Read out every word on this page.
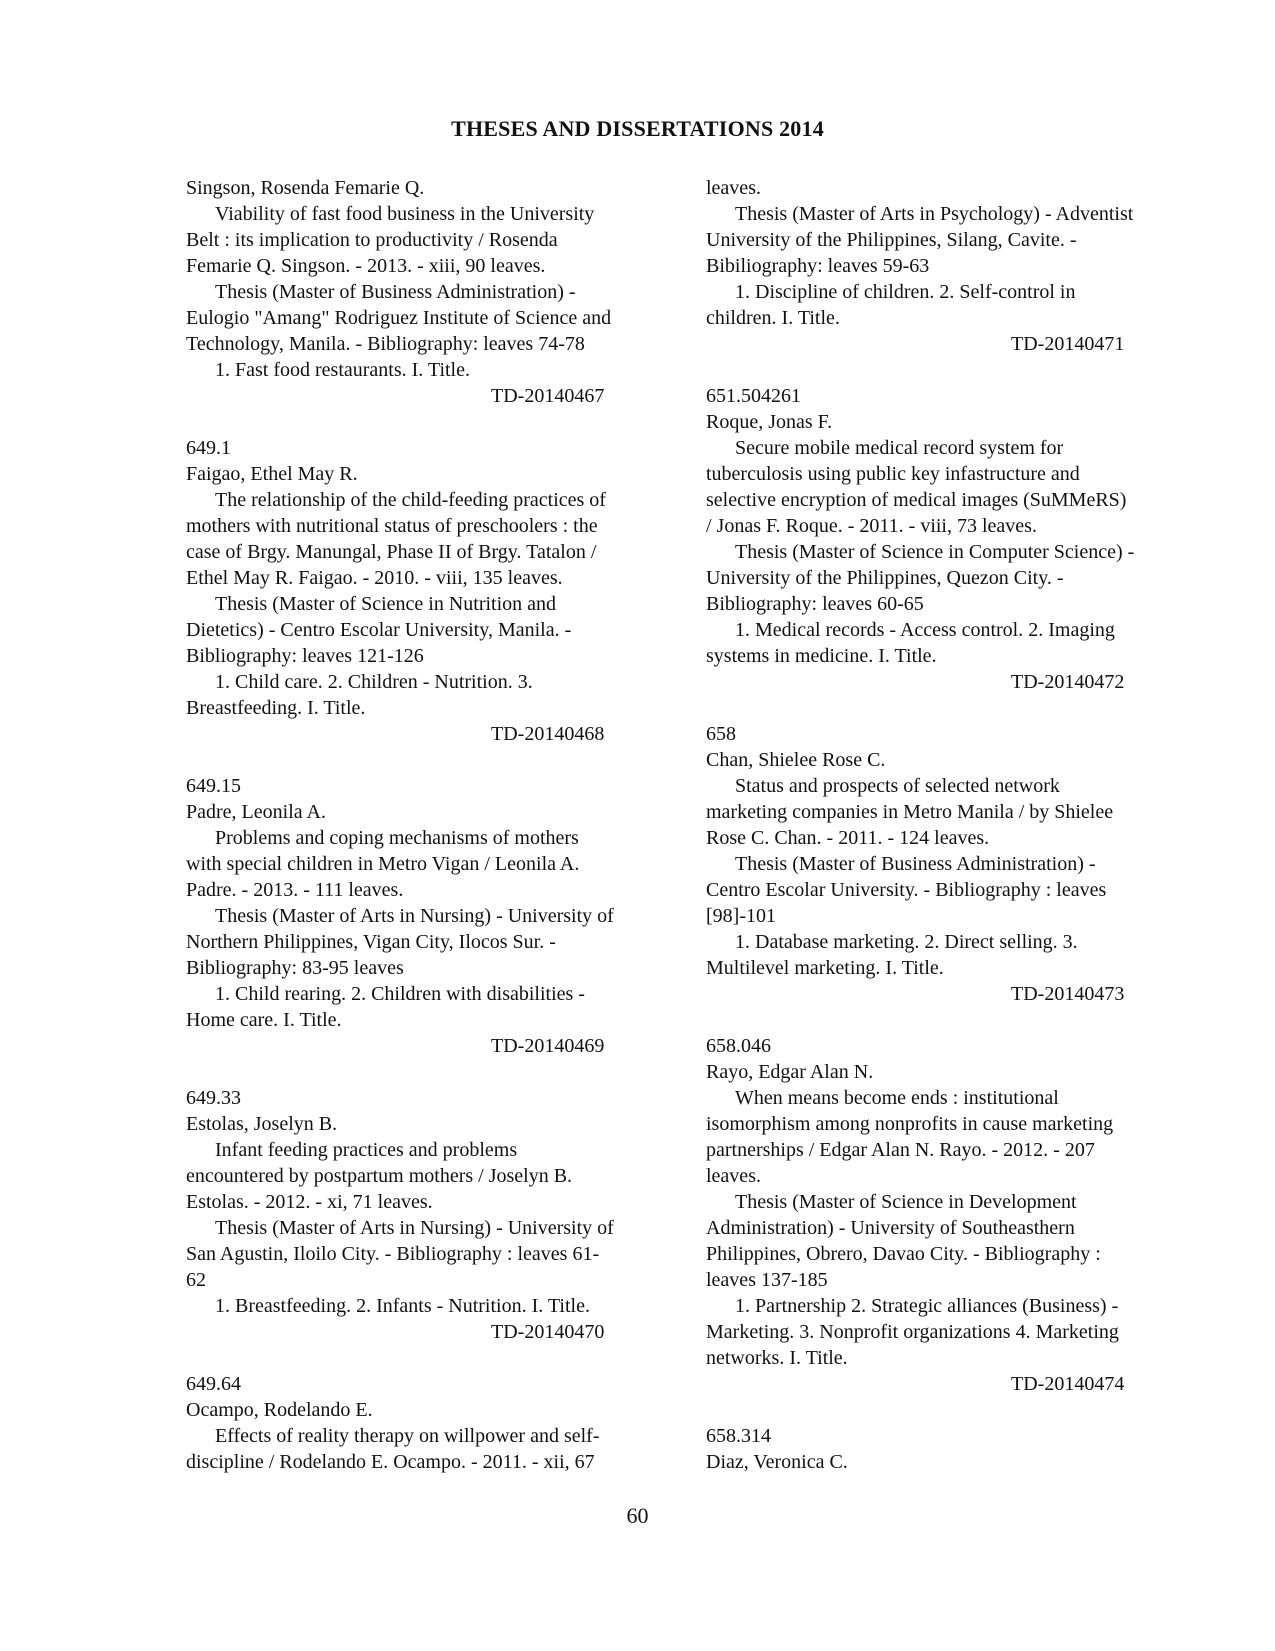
THESES AND DISSERTATIONS 2014
Singson, Rosenda Femarie Q.
Viability of fast food business in the University
Belt : its implication to productivity / Rosenda
Femarie Q. Singson. - 2013. - xiii, 90 leaves.
Thesis (Master of Business Administration) -
Eulogio "Amang" Rodriguez Institute of Science and
Technology, Manila. - Bibliography: leaves 74-78
1. Fast food restaurants. I. Title.
TD-20140467
649.1
Faigao, Ethel May R.
The relationship of the child-feeding practices of
mothers with nutritional status of preschoolers : the
case of Brgy. Manungal, Phase II of Brgy. Tatalon /
Ethel May R. Faigao. - 2010. - viii, 135 leaves.
Thesis (Master of Science in Nutrition and
Dietetics) - Centro Escolar University, Manila. -
Bibliography: leaves 121-126
1. Child care. 2. Children - Nutrition. 3.
Breastfeeding. I. Title.
TD-20140468
649.15
Padre, Leonila A.
Problems and coping mechanisms of mothers
with special children in Metro Vigan / Leonila A.
Padre. - 2013. - 111 leaves.
Thesis (Master of Arts in Nursing) - University of
Northern Philippines, Vigan City, Ilocos Sur. -
Bibliography: 83-95 leaves
1. Child rearing. 2. Children with disabilities -
Home care. I. Title.
TD-20140469
649.33
Estolas, Joselyn B.
Infant feeding practices and problems
encountered by postpartum mothers / Joselyn B.
Estolas. - 2012. - xi, 71 leaves.
Thesis (Master of Arts in Nursing) - University of
San Agustin, Iloilo City. - Bibliography : leaves 61-
62
1. Breastfeeding. 2. Infants - Nutrition. I. Title.
TD-20140470
649.64
Ocampo, Rodelando E.
Effects of reality therapy on willpower and self-
discipline / Rodelando E. Ocampo. - 2011. - xii, 67
leaves.
Thesis (Master of Arts in Psychology) - Adventist
University of the Philippines, Silang, Cavite. -
Bibiliography: leaves 59-63
1. Discipline of children. 2. Self-control in
children. I. Title.
TD-20140471
651.504261
Roque, Jonas F.
Secure mobile medical record system for
tuberculosis using public key infastructure and
selective encryption of medical images (SuMMeRS)
/ Jonas F. Roque. - 2011. - viii, 73 leaves.
Thesis (Master of Science in Computer Science) -
University of the Philippines, Quezon City. -
Bibliography: leaves 60-65
1. Medical records - Access control. 2. Imaging
systems in medicine. I. Title.
TD-20140472
658
Chan, Shielee Rose C.
Status and prospects of selected network
marketing companies in Metro Manila / by Shielee
Rose C. Chan. - 2011. - 124 leaves.
Thesis (Master of Business Administration) -
Centro Escolar University. - Bibliography : leaves
[98]-101
1. Database marketing. 2. Direct selling. 3.
Multilevel marketing. I. Title.
TD-20140473
658.046
Rayo, Edgar Alan N.
When means become ends : institutional
isomorphism among nonprofits in cause marketing
partnerships / Edgar Alan N. Rayo. - 2012. - 207
leaves.
Thesis (Master of Science in Development
Administration) - University of Southeasthern
Philippines, Obrero, Davao City. - Bibliography :
leaves 137-185
1. Partnership 2. Strategic alliances (Business) -
Marketing. 3. Nonprofit organizations 4. Marketing
networks. I. Title.
TD-20140474
658.314
Diaz, Veronica C.
60
